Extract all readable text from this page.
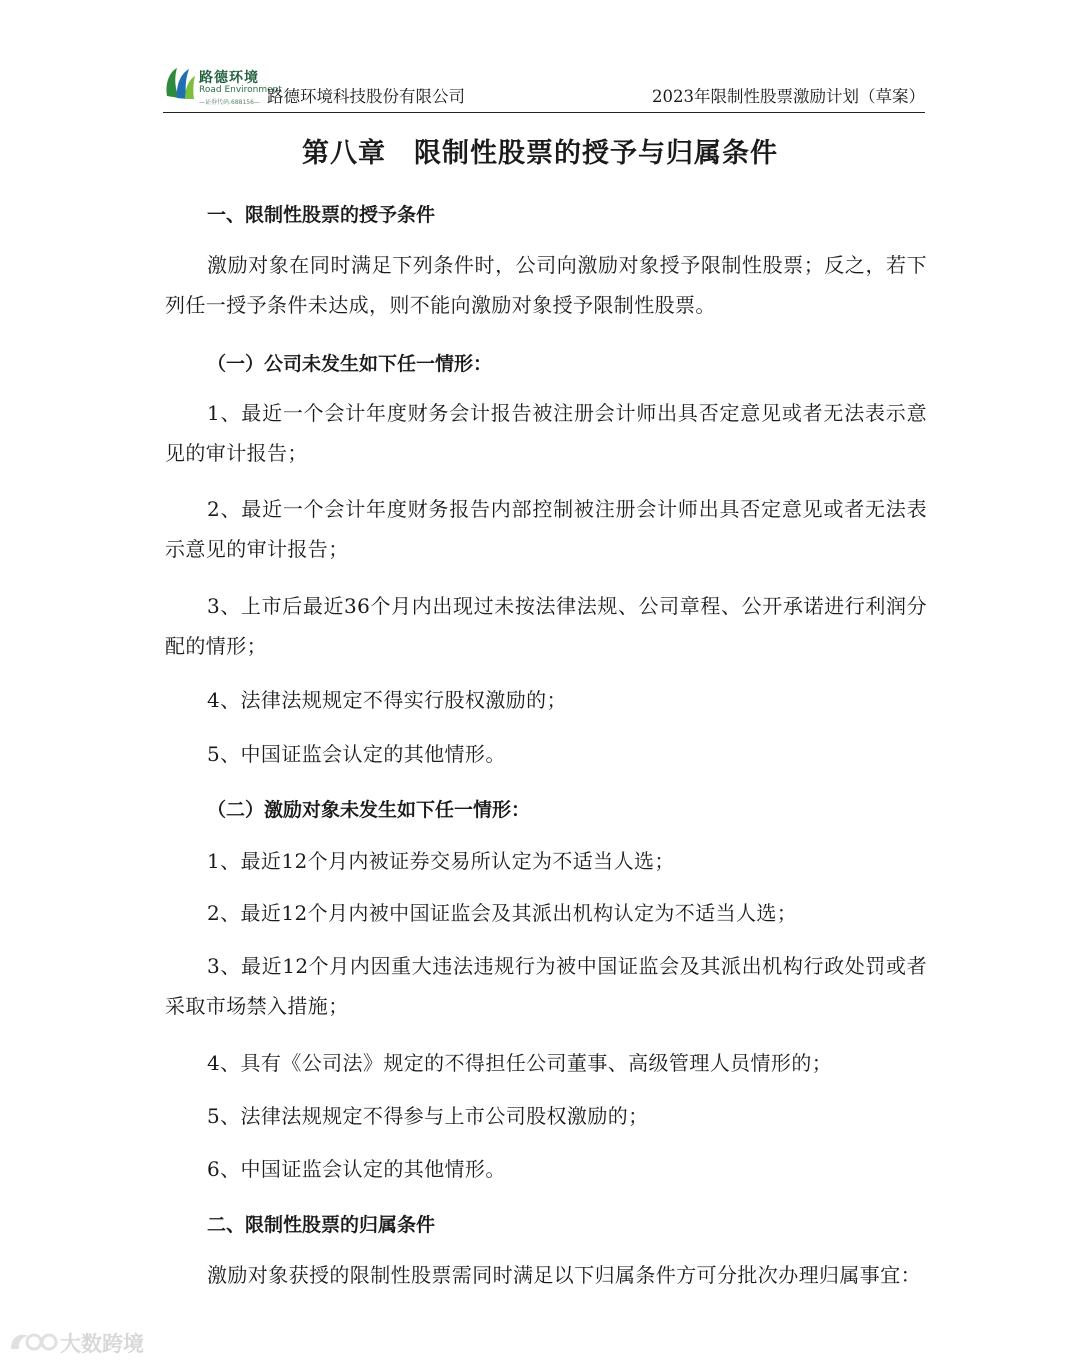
路德环境
Road Environment
—证券代码:688156— 路德环境科技股份有限公司	2023年限制性股票激励计划（草案）
第八章　限制性股票的授予与归属条件
一、限制性股票的授予条件
激励对象在同时满足下列条件时，公司向激励对象授予限制性股票；反之，若下列任一授予条件未达成，则不能向激励对象授予限制性股票。
（一）公司未发生如下任一情形：
1、最近一个会计年度财务会计报告被注册会计师出具否定意见或者无法表示意见的审计报告；
2、最近一个会计年度财务报告内部控制被注册会计师出具否定意见或者无法表示意见的审计报告；
3、上市后最近36个月内出现过未按法律法规、公司章程、公开承诺进行利润分配的情形；
4、法律法规规定不得实行股权激励的；
5、中国证监会认定的其他情形。
（二）激励对象未发生如下任一情形：
1、最近12个月内被证券交易所认定为不适当人选；
2、最近12个月内被中国证监会及其派出机构认定为不适当人选；
3、最近12个月内因重大违法违规行为被中国证监会及其派出机构行政处罚或者采取市场禁入措施；
4、具有《公司法》规定的不得担任公司董事、高级管理人员情形的；
5、法律法规规定不得参与上市公司股权激励的；
6、中国证监会认定的其他情形。
二、限制性股票的归属条件
激励对象获授的限制性股票需同时满足以下归属条件方可分批次办理归属事宜：
大数跨境
